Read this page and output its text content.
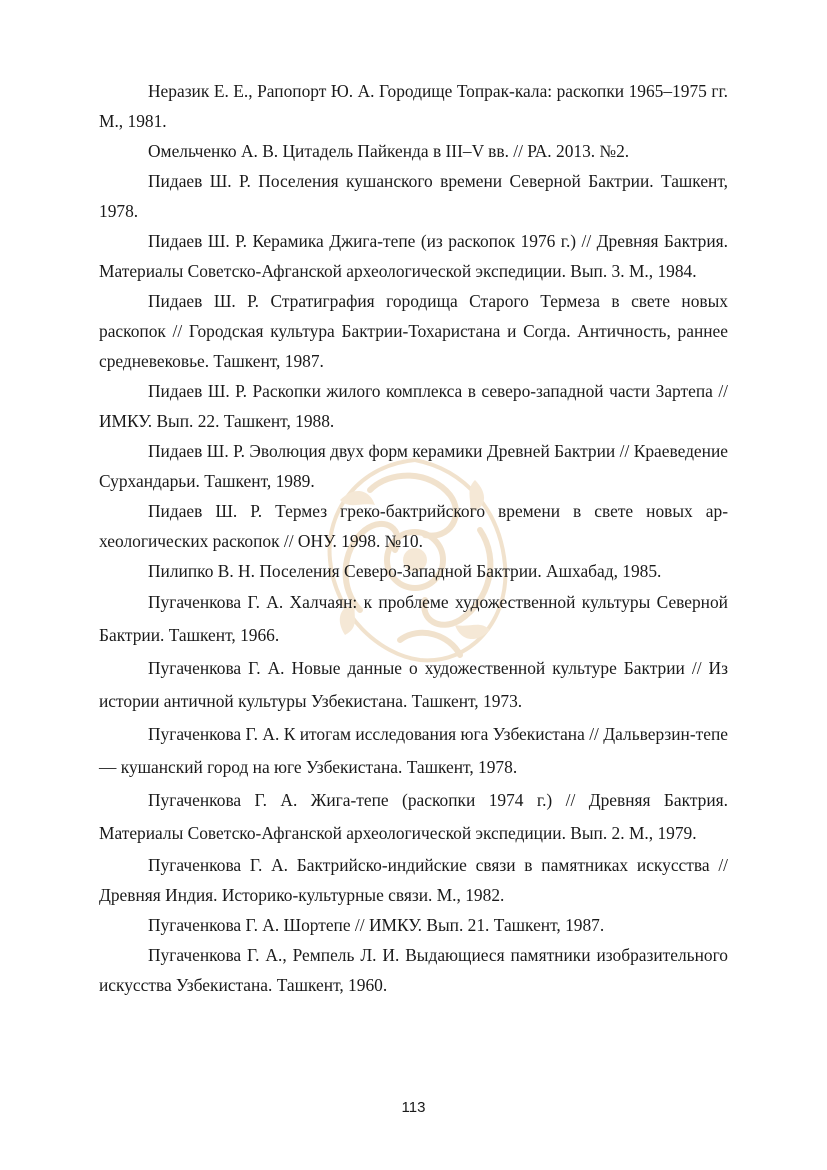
Неразик Е. Е., Рапопорт Ю. А. Городище Топрак-кала: раскопки 1965–1975 гг. М., 1981.

Омельченко А. В. Цитадель Пайкенда в III–V вв. // РА. 2013. №2.

Пидаев Ш. Р. Поселения кушанского времени Северной Бактрии. Ташкент, 1978.

Пидаев Ш. Р. Керамика Джига-тепе (из раскопок 1976 г.) // Древняя Бактрия. Материалы Советско-Афганской археологической экспедиции. Вып. 3. М., 1984.

Пидаев Ш. Р. Стратиграфия городища Старого Термеза в свете новых раскопок // Городская культура Бактрии-Тохаристана и Согда. Античность, раннее средневековье. Ташкент, 1987.

Пидаев Ш. Р. Раскопки жилого комплекса в северо-западной части Зартепа // ИМКУ. Вып. 22. Ташкент, 1988.

Пидаев Ш. Р. Эволюция двух форм керамики Древней Бактрии // Краеведение Сурхандарьи. Ташкент, 1989.

Пидаев Ш. Р. Термез греко-бактрийского времени в свете новых археологических раскопок // ОНУ. 1998. №10.

Пилипко В. Н. Поселения Северо-Западной Бактрии. Ашхабад, 1985.

Пугаченкова Г. А. Халчаян: к проблеме художественной культуры Северной Бактрии. Ташкент, 1966.

Пугаченкова Г. А. Новые данные о художественной культуре Бактрии // Из истории античной культуры Узбекистана. Ташкент, 1973.

Пугаченкова Г. А. К итогам исследования юга Узбекистана // Дальверзин-тепе — кушанский город на юге Узбекистана. Ташкент, 1978.

Пугаченкова Г. А. Жига-тепе (раскопки 1974 г.) // Древняя Бактрия. Материалы Советско-Афганской археологической экспедиции. Вып. 2. М., 1979.

Пугаченкова Г. А. Бактрийско-индийские связи в памятниках искусства // Древняя Индия. Историко-культурные связи. М., 1982.

Пугаченкова Г. А. Шортепе // ИМКУ. Вып. 21. Ташкент, 1987.

Пугаченкова Г. А., Ремпель Л. И. Выдающиеся памятники изобразительного искусства Узбекистана. Ташкент, 1960.

113
